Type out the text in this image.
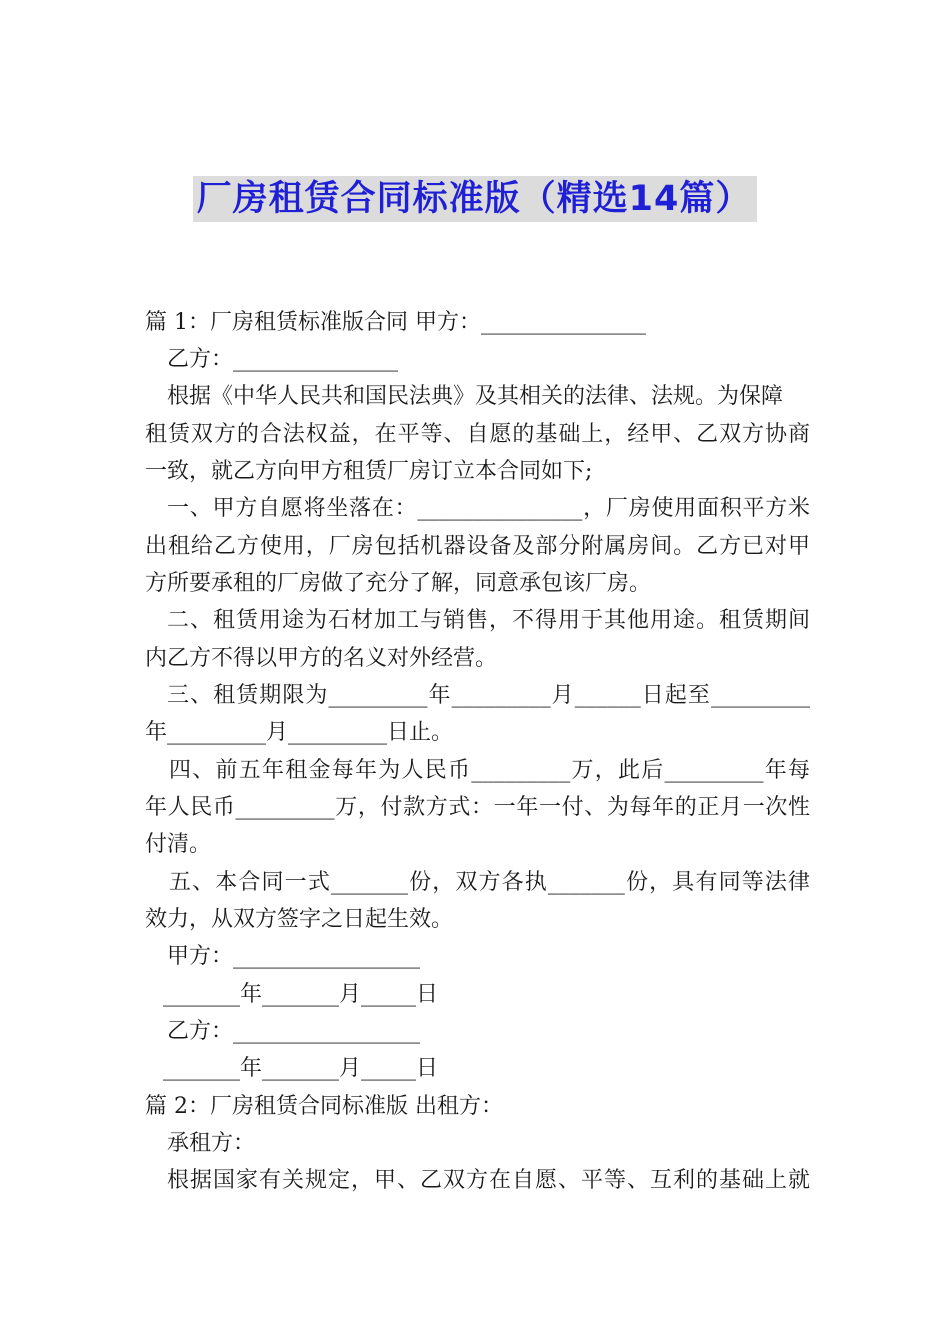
厂房租赁合同标准版（精选14篇）
篇 1：厂房租赁标准版合同 甲方：_______________
乙方：_______________
根据《中华人民共和国民法典》及其相关的法律、法规。为保障
租赁双方的合法权益，在平等、自愿的基础上，经甲、乙双方协商
一致，就乙方向甲方租赁厂房订立本合同如下;
一、甲方自愿将坐落在：_______________，厂房使用面积平方米
出租给乙方使用，厂房包括机器设备及部分附属房间。乙方已对甲
方所要承租的厂房做了充分了解，同意承包该厂房。
二、租赁用途为石材加工与销售，不得用于其他用途。租赁期间
内乙方不得以甲方的名义对外经营。
三、租赁期限为_________年_________月______日起至_________
年_________月_________日止。
四、前五年租金每年为人民币_________万，此后_________年每
年人民币_________万，付款方式：一年一付、为每年的正月一次性
付清。
五、本合同一式_______份，双方各执_______份，具有同等法律
效力，从双方签字之日起生效。
甲方：_________________
_______年_______月_____日
乙方：_________________
_______年_______月_____日
篇 2：厂房租赁合同标准版 出租方：
承租方：
根据国家有关规定，甲、乙双方在自愿、平等、互利的基础上就
